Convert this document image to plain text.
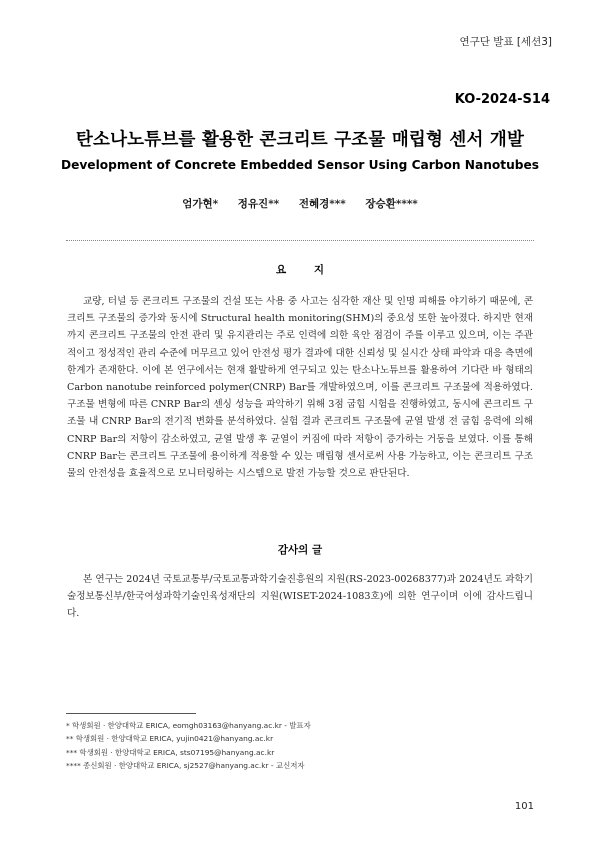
연구단 발표 [세션3]
KO-2024-S14
탄소나노튜브를 활용한 콘크리트 구조물 매립형 센서 개발
Development of Concrete Embedded Sensor Using Carbon Nanotubes
엄가현* 정유진** 전혜경*** 장승환****
요 지
교량, 터널 등 콘크리트 구조물의 건설 또는 사용 중 사고는 심각한 재산 및 인명 피해를 야기하기 때문에, 콘크리트 구조물의 증가와 동시에 Structural health monitoring(SHM)의 중요성 또한 높아졌다. 하지만 현재까지 콘크리트 구조물의 안전 관리 및 유지관리는 주로 인력에 의한 육안 점검이 주를 이루고 있으며, 이는 주관적이고 정성적인 관리 수준에 머무르고 있어 안전성 평가 결과에 대한 신뢰성 및 실시간 상태 파악과 대응 측면에 한계가 존재한다. 이에 본 연구에서는 현재 활발하게 연구되고 있는 탄소나노튜브를 활용하여 기다란 바 형태의 Carbon nanotube reinforced polymer(CNRP) Bar를 개발하였으며, 이를 콘크리트 구조물에 적용하였다. 구조물 변형에 따른 CNRP Bar의 센싱 성능을 파악하기 위해 3점 굽힘 시험을 진행하였고, 동시에 콘크리트 구조물 내 CNRP Bar의 전기적 변화를 분석하였다. 실험 결과 콘크리트 구조물에 균열 발생 전 굽힘 응력에 의해 CNRP Bar의 저항이 감소하였고, 균열 발생 후 균열이 커짐에 따라 저항이 증가하는 거동을 보였다. 이를 통해 CNRP Bar는 콘크리트 구조물에 용이하게 적용할 수 있는 매립형 센서로써 사용 가능하고, 이는 콘크리트 구조물의 안전성을 효율적으로 모니터링하는 시스템으로 발전 가능할 것으로 판단된다.
감사의 글
본 연구는 2024년 국토교통부/국토교통과학기술진흥원의 지원(RS-2023-00268377)과 2024년도 과학기술정보통신부/한국여성과학기술인육성재단의 지원(WISET-2024-1083호)에 의한 연구이며 이에 감사드립니다.
* 학생회원 · 한양대학교 ERICA, eomgh03163@hanyang.ac.kr - 발표자
** 학생회원 · 한양대학교 ERICA, yujin0421@hanyang.ac.kr
*** 학생회원 · 한양대학교 ERICA, sts07195@hanyang.ac.kr
**** 종신회원 · 한양대학교 ERICA, sj2527@hanyang.ac.kr - 교신저자
101
